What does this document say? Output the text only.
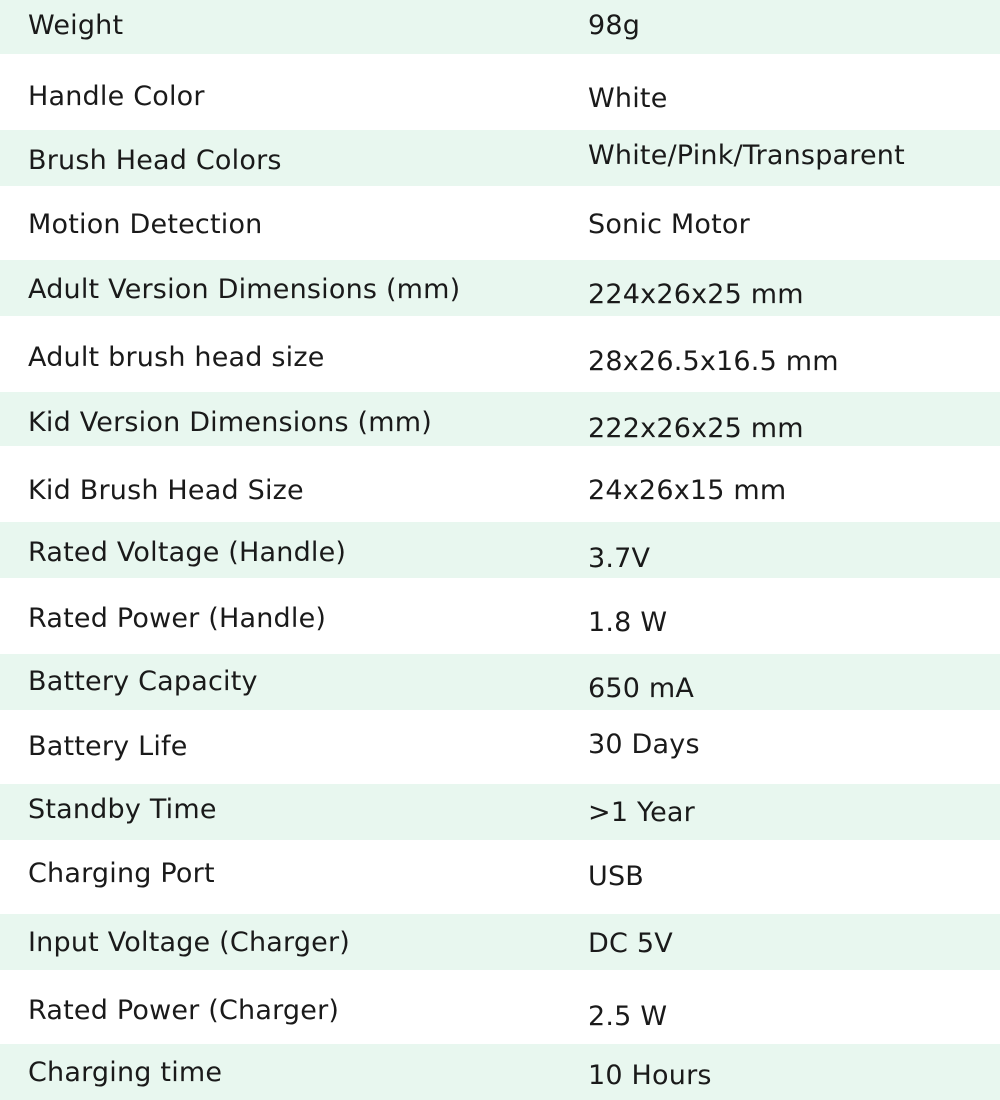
Weight	98g
Handle Color	White
Brush Head Colors	White/Pink/Transparent
Motion Detection	Sonic Motor
Adult Version Dimensions (mm)	224x26x25 mm
Adult brush head size	28x26.5x16.5 mm
Kid Version Dimensions (mm)	222x26x25 mm
Kid Brush Head Size	24x26x15 mm
Rated Voltage (Handle)	3.7V
Rated Power (Handle)	1.8 W
Battery Capacity	650 mA
Battery Life	30 Days
Standby Time	>1 Year
Charging Port	USB
Input Voltage (Charger)	DC 5V
Rated Power (Charger)	2.5 W
Charging time	10 Hours
